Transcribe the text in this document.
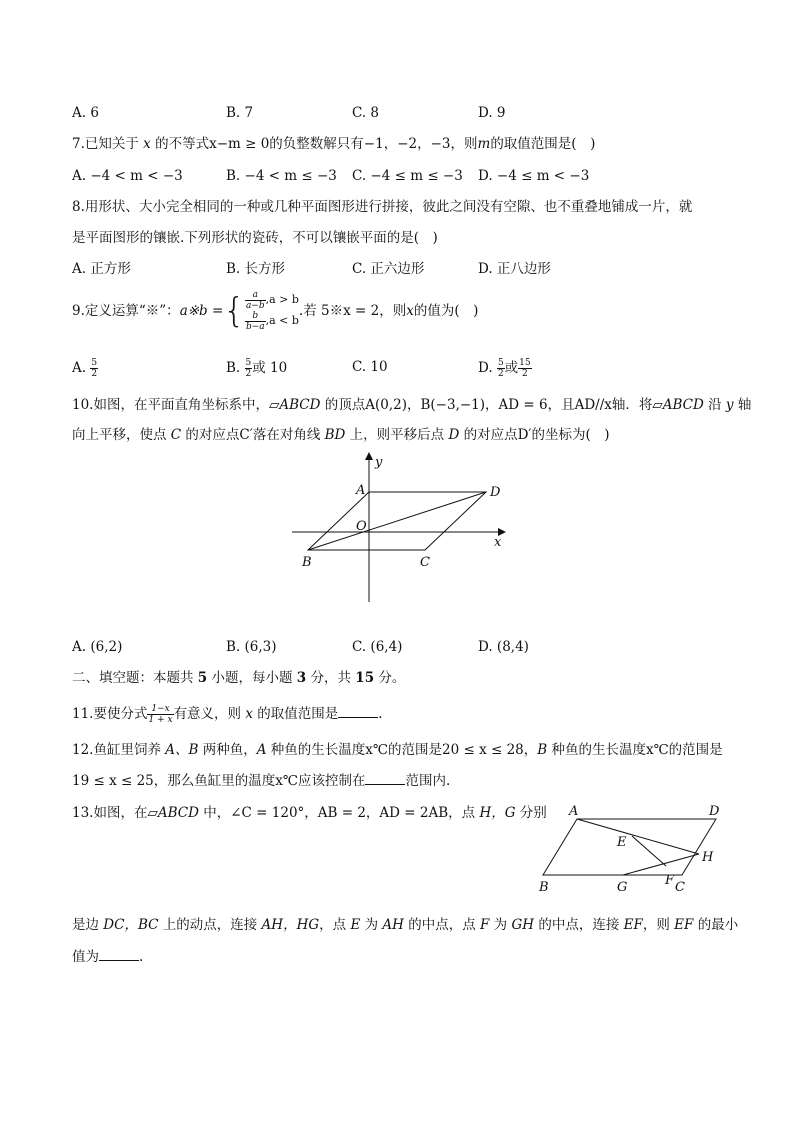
A. 6	B. 7	C. 8	D. 9
7.已知关于 x 的不等式x−m ≥ 0的负整数解只有−1，−2，−3，则m的取值范围是(　)
A. −4 < m < −3	B. −4 < m ≤ −3 C. −4 ≤ m ≤ −3 D. −4 ≤ m < −3
8.用形状、大小完全相同的一种或几种平面图形进行拼接，彼此之间没有空隙、也不重叠地铺成一片，就
是平面图形的镶嵌.下列形状的瓷砖，不可以镶嵌平面的是(　)
A. 正方形	B. 长方形	C. 正六边形	D. 正八边形
9.定义运算“※”： a※b = { $\frac{a}{a-b} ,a > b$
$\frac{b}{b-a} ,a < b$
.若 5※x = 2，则 x 的值为(　)
A. $\frac{5}{2}$	B. $\frac{5}{2}$ 或 10	C. 10	D. $\frac{5}{2}$ 或 $\frac{15}{2}$
10.如图，在平面直角坐标系中，▱ABCD 的顶点A(0,2)，B(−3,−1)，AD = 6，且AD//x轴．将▱ABCD 沿 y 轴
向上平移，使点 C 的对应点C′落在对角线 BD 上，则平移后点 D 的对应点D′的坐标为(　)
y
x
A	D
O
B	C
A. (6,2)	B. (6,3)	C. (6,4)	D. (8,4)
二、填空题：本题共 5 小题，每小题 3 分，共 15 分。
11.要使分式 $\frac{1-x}{1 + x}$ 有意义，则 x 的取值范围是	.
12.鱼缸里饲养 A、B 两种鱼，A 种鱼的生长温度x℃的范围是20 ≤ x ≤ 28，B 种鱼的生长温度x℃的范围是
19 ≤ x ≤ 25，那么鱼缸里的温度x℃应该控制在	范围内.
13.如图，在▱ABCD 中，∠C = 120°，AB = 2，AD = 2AB，点 H，G 分别 A	D
E
H
F
B	G	C
是边 DC，BC 上的动点，连接 AH，HG，点 E 为 AH 的中点，点 F 为 GH 的中点，连接 EF，则 EF 的最小
值为	.
